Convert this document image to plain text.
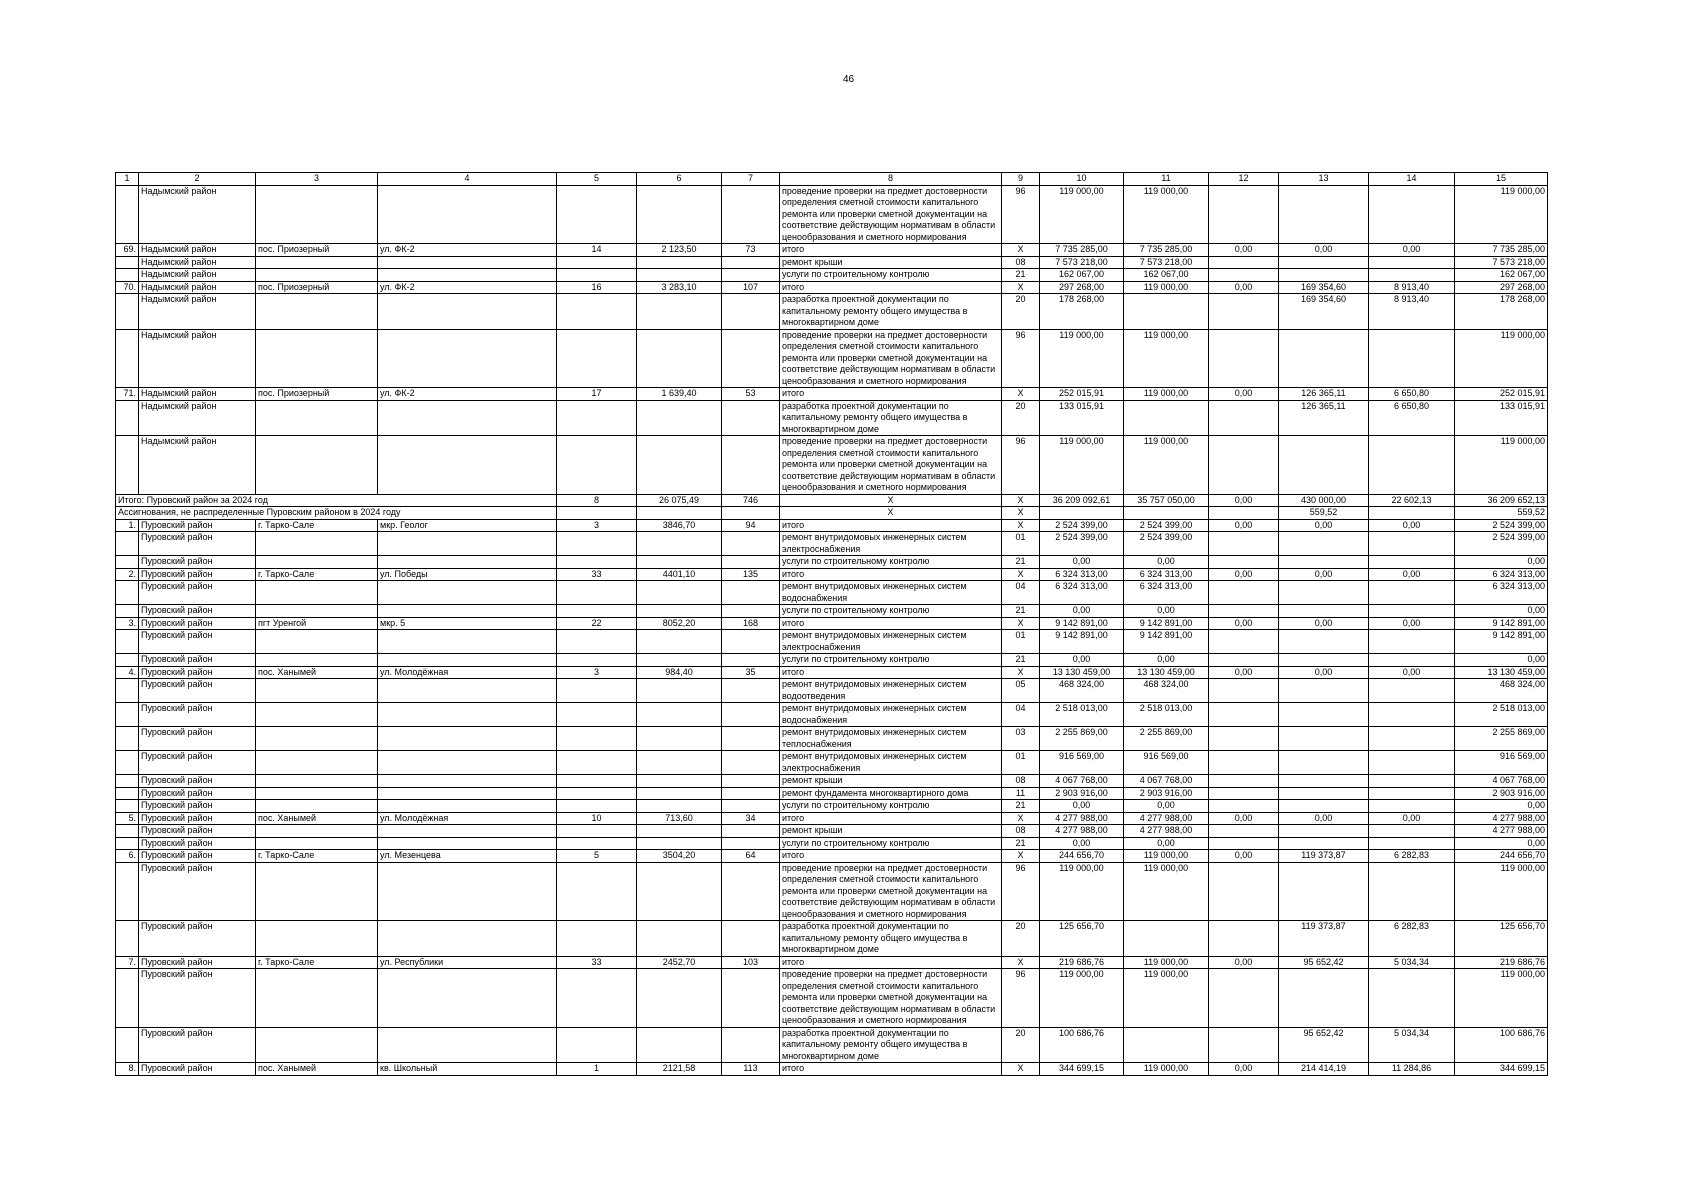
46
1	2	3	4	5	6	7	8	9	10	11	12	13	14	15
	Надымский район						проведение проверки на предмет достоверности определения сметной стоимости капитального ремонта или проверки сметной документации на соответствие действующим нормативам в области ценообразования и сметного нормирования	96	119 000,00	119 000,00				119 000,00
69.	Надымский район	пос. Приозерный	ул. ФК-2	14	2 123,50	73	итого	X	7 735 285,00	7 735 285,00	0,00	0,00	0,00	7 735 285,00
	Надымский район						ремонт крыши	08	7 573 218,00	7 573 218,00				7 573 218,00
	Надымский район						услуги по строительному контролю	21	162 067,00	162 067,00				162 067,00
70.	Надымский район	пос. Приозерный	ул. ФК-2	16	3 283,10	107	итого	X	297 268,00	119 000,00	0,00	169 354,60	8 913,40	297 268,00
	Надымский район						разработка проектной документации по капитальному ремонту общего имущества в многоквартирном доме	20	178 268,00			169 354,60	8 913,40	178 268,00
	Надымский район						проведение проверки на предмет достоверности определения сметной стоимости капитального ремонта или проверки сметной документации на соответствие действующим нормативам в области ценообразования и сметного нормирования	96	119 000,00	119 000,00				119 000,00
71.	Надымский район	пос. Приозерный	ул. ФК-2	17	1 639,40	53	итого	X	252 015,91	119 000,00	0,00	126 365,11	6 650,80	252 015,91
	Надымский район						разработка проектной документации по капитальному ремонту общего имущества в многоквартирном доме	20	133 015,91			126 365,11	6 650,80	133 015,91
	Надымский район						проведение проверки на предмет достоверности определения сметной стоимости капитального ремонта или проверки сметной документации на соответствие действующим нормативам в области ценообразования и сметного нормирования	96	119 000,00	119 000,00				119 000,00
Итого: Пуровский район за 2024 год				8	26 075,49	746	X	X	36 209 092,61	35 757 050,00	0,00	430 000,00	22 602,13	36 209 652,13
Ассигнования, не распределенные Пуровским районом в 2024 году							X	X				559,52		559,52
1.	Пуровский район	г. Тарко-Сале	мкр. Геолог	3	3846,70	94	итого	X	2 524 399,00	2 524 399,00	0,00	0,00	0,00	2 524 399,00
	Пуровский район						ремонт внутридомовых инженерных систем электроснабжения	01	2 524 399,00	2 524 399,00				2 524 399,00
	Пуровский район						услуги по строительному контролю	21	0,00	0,00				0,00
2.	Пуровский район	г. Тарко-Сале	ул. Победы	33	4401,10	135	итого	X	6 324 313,00	6 324 313,00	0,00	0,00	0,00	6 324 313,00
	Пуровский район						ремонт внутридомовых инженерных систем водоснабжения	04	6 324 313,00	6 324 313,00				6 324 313,00
	Пуровский район						услуги по строительному контролю	21	0,00	0,00				0,00
3.	Пуровский район	пгт Уренгой	мкр. 5	22	8052,20	168	итого	X	9 142 891,00	9 142 891,00	0,00	0,00	0,00	9 142 891,00
	Пуровский район						ремонт внутридомовых инженерных систем электроснабжения	01	9 142 891,00	9 142 891,00				9 142 891,00
	Пуровский район						услуги по строительному контролю	21	0,00	0,00				0,00
4.	Пуровский район	пос. Ханымей	ул. Молодёжная	3	984,40	35	итого	X	13 130 459,00	13 130 459,00	0,00	0,00	0,00	13 130 459,00
	Пуровский район						ремонт внутридомовых инженерных систем водоотведения	05	468 324,00	468 324,00				468 324,00
	Пуровский район						ремонт внутридомовых инженерных систем водоснабжения	04	2 518 013,00	2 518 013,00				2 518 013,00
	Пуровский район						ремонт внутридомовых инженерных систем теплоснабжения	03	2 255 869,00	2 255 869,00				2 255 869,00
	Пуровский район						ремонт внутридомовых инженерных систем электроснабжения	01	916 569,00	916 569,00				916 569,00
	Пуровский район						ремонт крыши	08	4 067 768,00	4 067 768,00				4 067 768,00
	Пуровский район						ремонт фундамента многоквартирного дома	11	2 903 916,00	2 903 916,00				2 903 916,00
	Пуровский район						услуги по строительному контролю	21	0,00	0,00				0,00
5.	Пуровский район	пос. Ханымей	ул. Молодёжная	10	713,60	34	итого	X	4 277 988,00	4 277 988,00	0,00	0,00	0,00	4 277 988,00
	Пуровский район						ремонт крыши	08	4 277 988,00	4 277 988,00				4 277 988,00
	Пуровский район						услуги по строительному контролю	21	0,00	0,00				0,00
6.	Пуровский район	г. Тарко-Сале	ул. Мезенцева	5	3504,20	64	итого	X	244 656,70	119 000,00	0,00	119 373,87	6 282,83	244 656,70
	Пуровский район						проведение проверки на предмет достоверности определения сметной стоимости капитального ремонта или проверки сметной документации на соответствие действующим нормативам в области ценообразования и сметного нормирования	96	119 000,00	119 000,00				119 000,00
	Пуровский район						разработка проектной документации по капитальному ремонту общего имущества в многоквартирном доме	20	125 656,70			119 373,87	6 282,83	125 656,70
7.	Пуровский район	г. Тарко-Сале	ул. Республики	33	2452,70	103	итого	X	219 686,76	119 000,00	0,00	95 652,42	5 034,34	219 686,76
	Пуровский район						проведение проверки на предмет достоверности определения сметной стоимости капитального ремонта или проверки сметной документации на соответствие действующим нормативам в области ценообразования и сметного нормирования	96	119 000,00	119 000,00				119 000,00
	Пуровский район						разработка проектной документации по капитальному ремонту общего имущества в многоквартирном доме	20	100 686,76			95 652,42	5 034,34	100 686,76
8.	Пуровский район	пос. Ханымей	кв. Школьный	1	2121,58	113	итого	X	344 699,15	119 000,00	0,00	214 414,19	11 284,86	344 699,15
